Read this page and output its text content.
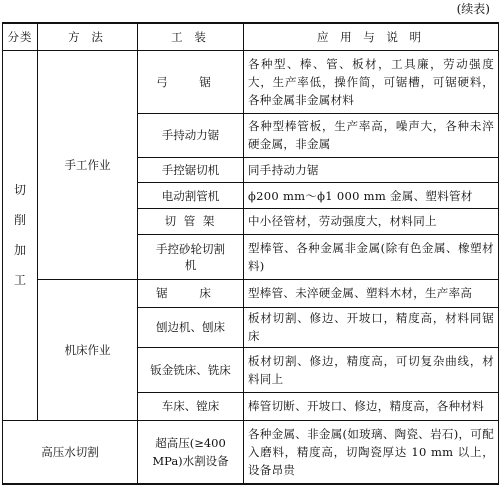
(续表)
分类	方 法	工 装	应 用 与 说 明

切
削
加
工	手工作业	弓 锯	各种型、棒、管、板材，工具廉，劳动强度大，生产率低，操作简，可锯槽，可锯硬料，各种金属非金属材料
		手持动力锯	各种型棒管板，生产率高，噪声大，各种未淬硬金属，非金属
		手控锯切机	同手持动力锯
		电动割管机	ϕ200 mm～ϕ1 000 mm 金属、塑料管材
		切 管 架	中小径管材，劳动强度大，材料同上
		手控砂轮切割机	型棒管、各种金属非金属(除有色金属、橡塑材料)
	机床作业	锯 床	型棒管、未淬硬金属、塑料木材，生产率高
		刨边机、刨床	板材切割、修边、开坡口，精度高，材料同锯床
		钣金铣床、铣床	板材切割、修边，精度高，可切复杂曲线，材料同上
		车床、镗床	棒管切断、开坡口、修边，精度高，各种材料
高压水切割		超高压(≥400 MPa)水割设备	各种金属、非金属(如玻璃、陶瓷、岩石)，可配入磨料，精度高，切陶瓷厚达 10 mm 以上，设备昂贵
